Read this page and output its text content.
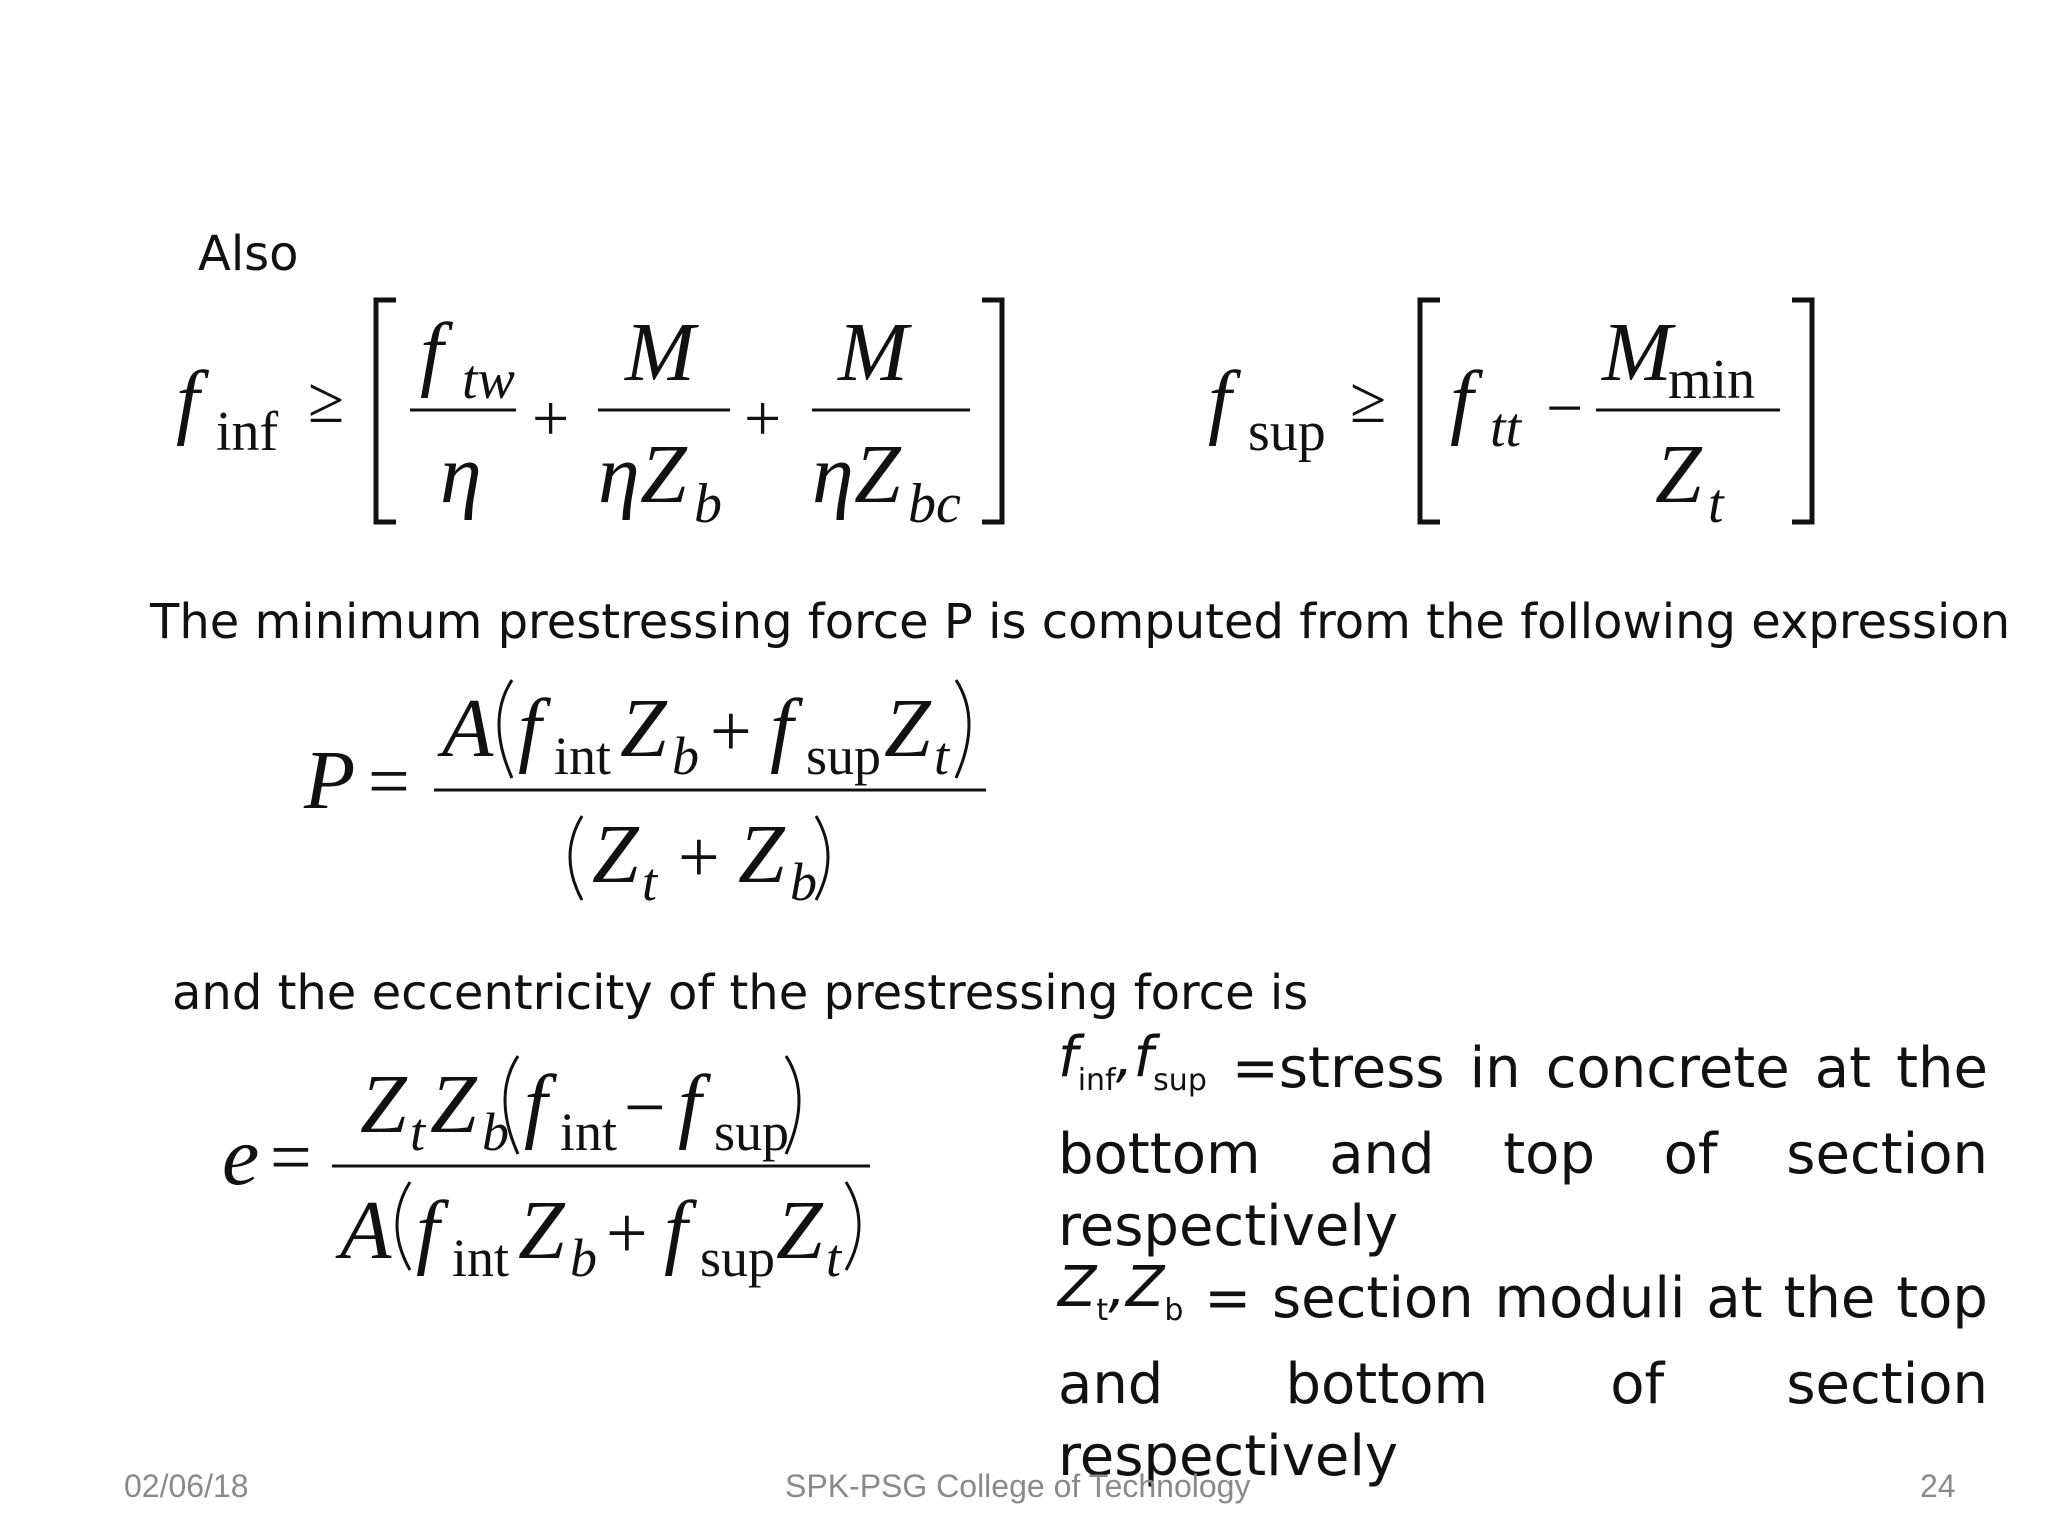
Also
The minimum prestressing force P is computed from the following expression
and the eccentricity of the prestressing force is
f inf ≥
f tw
η
+
M
η Z b
+
M
η Z bc
f sup ≥ f tt −
M
min
Z t
P =
A f int Z b + f sup Z t
Z t + Z b
e =
Z t Z b f int − f sup
A f int Z b + f sup Z t
$f_{inf},f_{sup}$ =stress in concrete at the
bottom and top of section
respectively
$Z_t,Z_b$ = section moduli at the top
and bottom of section
respectively
02/06/18	SPK-PSG College of Technology	24
